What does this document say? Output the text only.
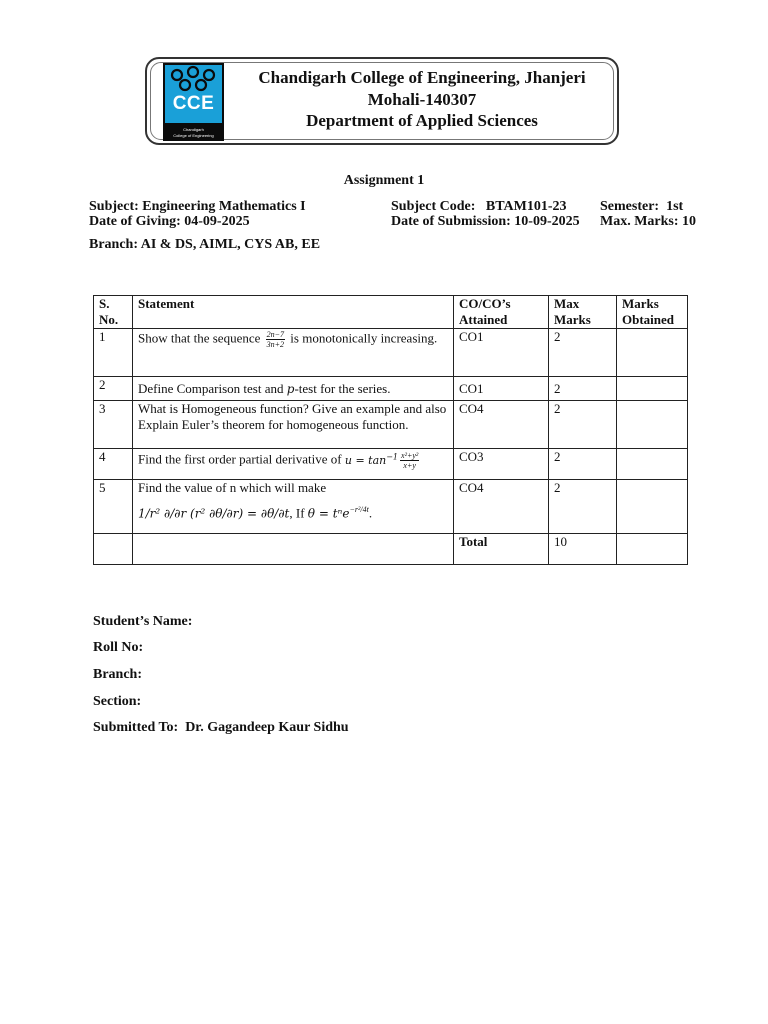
CCE
Chandigarh
College of Engineering
Chandigarh College of Engineering, Jhanjeri
Mohali-140307
Department of Applied Sciences
Assignment 1
Subject: Engineering Mathematics I	Subject Code:   BTAM101-23 Semester:  1st
Date of Giving: 04-09-2025	Date of Submission: 10-09-2025 Max. Marks: 10
Branch: AI & DS, AIML, CYS AB, EE
S. No.	Statement	CO/CO’s Attained	Max Marks	Marks Obtained
1	Show that the sequence $\frac{2n-7}{3n+2}$ is monotonically increasing.	CO1	2	
2	Define Comparison test and p-test for the series.	CO1	2	
3	What is Homogeneous function? Give an example and also Explain Euler’s theorem for homogeneous function.	CO4	2	
4	Find the first order partial derivative of $u = \tan^{-1} \frac{\text{x²+y²}}{x+y}$	CO3	2	
5	Find the value of n which will make
1/r² ∂/∂r (r² ∂θ/∂r) = ∂θ/∂t, If θ = tⁿe$^{-r^2/4t}$.	CO4	2	
		Total	10	
Student’s Name:
Roll No:
Branch:
Section:
Submitted To:  Dr. Gagandeep Kaur Sidhu
